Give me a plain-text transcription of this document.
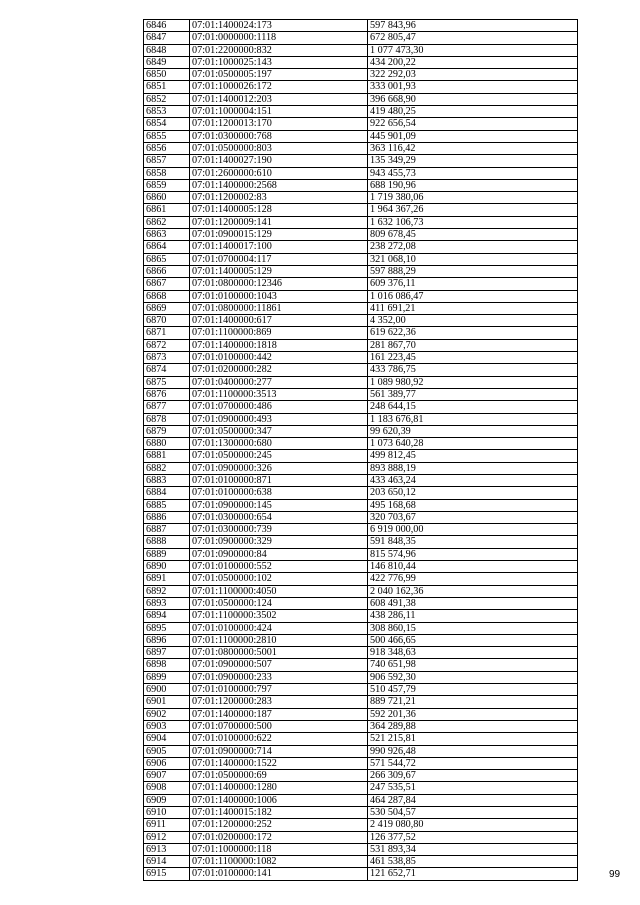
6846	07:01:1400024:173	597 843,96
6847	07:01:0000000:1118	672 805,47
6848	07:01:2200000:832	1 077 473,30
6849	07:01:1000025:143	434 200,22
6850	07:01:0500005:197	322 292,03
6851	07:01:1000026:172	333 001,93
6852	07:01:1400012:203	396 668,90
6853	07:01:1000004:151	419 480,25
6854	07:01:1200013:170	922 656,54
6855	07:01:0300000:768	445 901,09
6856	07:01:0500000:803	363 116,42
6857	07:01:1400027:190	135 349,29
6858	07:01:2600000:610	943 455,73
6859	07:01:1400000:2568	688 190,96
6860	07:01:1200002:83	1 719 380,06
6861	07:01:1400005:128	1 964 367,26
6862	07:01:1200009:141	1 632 106,73
6863	07:01:0900015:129	809 678,45
6864	07:01:1400017:100	238 272,08
6865	07:01:0700004:117	321 068,10
6866	07:01:1400005:129	597 888,29
6867	07:01:0800000:12346	609 376,11
6868	07:01:0100000:1043	1 016 086,47
6869	07:01:0800000:11861	411 691,21
6870	07:01:1400000:617	4 352,00
6871	07:01:1100000:869	619 622,36
6872	07:01:1400000:1818	281 867,70
6873	07:01:0100000:442	161 223,45
6874	07:01:0200000:282	433 786,75
6875	07:01:0400000:277	1 089 980,92
6876	07:01:1100000:3513	561 389,77
6877	07:01:0700000:486	248 644,15
6878	07:01:0900000:493	1 183 676,81
6879	07:01:0500000:347	99 620,39
6880	07:01:1300000:680	1 073 640,28
6881	07:01:0500000:245	499 812,45
6882	07:01:0900000:326	893 888,19
6883	07:01:0100000:871	433 463,24
6884	07:01:0100000:638	203 650,12
6885	07:01:0900000:145	495 168,68
6886	07:01:0300000:654	320 703,67
6887	07:01:0300000:739	6 919 000,00
6888	07:01:0900000:329	591 848,35
6889	07:01:0900000:84	815 574,96
6890	07:01:0100000:552	146 810,44
6891	07:01:0500000:102	422 776,99
6892	07:01:1100000:4050	2 040 162,36
6893	07:01:0500000:124	608 491,38
6894	07:01:1100000:3502	438 286,11
6895	07:01:0100000:424	308 860,15
6896	07:01:1100000:2810	500 466,65
6897	07:01:0800000:5001	918 348,63
6898	07:01:0900000:507	740 651,98
6899	07:01:0900000:233	906 592,30
6900	07:01:0100000:797	510 457,79
6901	07:01:1200000:283	889 721,21
6902	07:01:1400000:187	592 201,36
6903	07:01:0700000:500	364 289,88
6904	07:01:0100000:622	521 215,81
6905	07:01:0900000:714	990 926,48
6906	07:01:1400000:1522	571 544,72
6907	07:01:0500000:69	266 309,67
6908	07:01:1400000:1280	247 535,51
6909	07:01:1400000:1006	464 287,84
6910	07:01:1400015:182	530 504,57
6911	07:01:1200000:252	2 419 080,80
6912	07:01:0200000:172	126 377,52
6913	07:01:1000000:118	531 893,34
6914	07:01:1100000:1082	461 538,85
6915	07:01:0100000:141	121 652,71	99
